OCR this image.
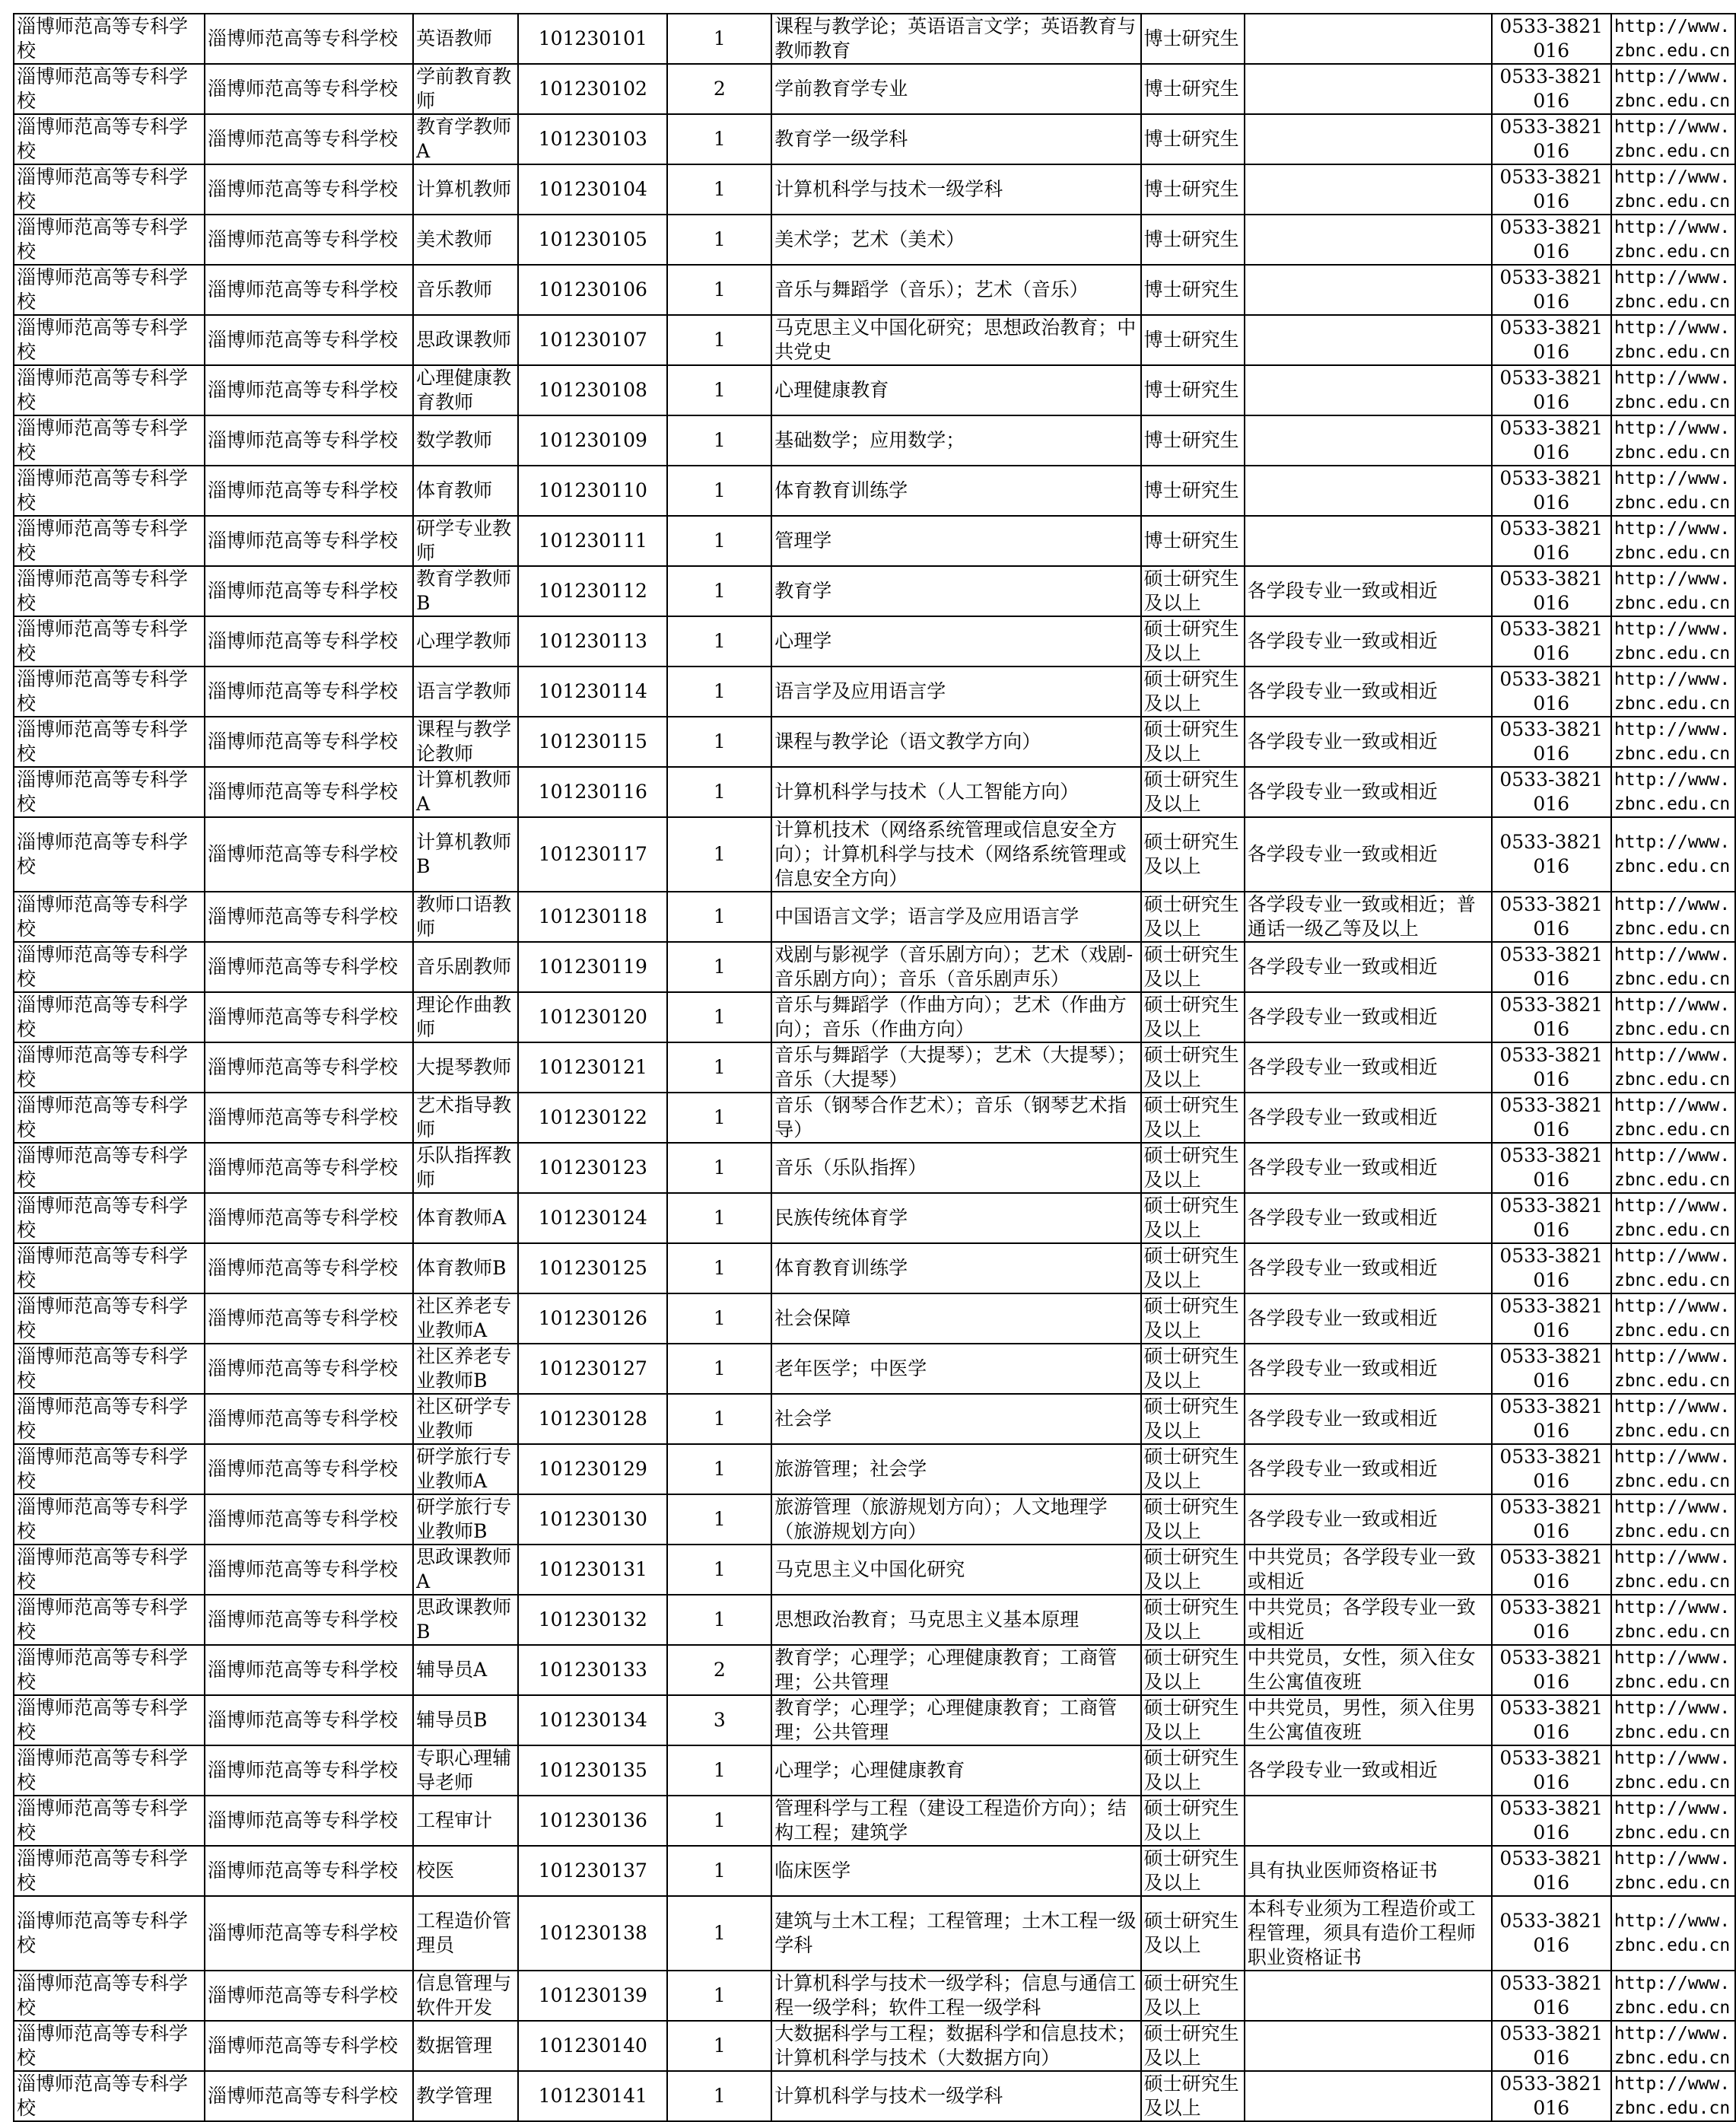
淄博师范高等专科学校	淄博师范高等专科学校	英语教师	101230101	1	课程与教学论；英语语言文学；英语教育与教师教育	博士研究生		0533-3821016	http://www.zbnc.edu.cn
淄博师范高等专科学校	淄博师范高等专科学校	学前教育教师	101230102	2	学前教育学专业	博士研究生		0533-3821016	http://www.zbnc.edu.cn
淄博师范高等专科学校	淄博师范高等专科学校	教育学教师A	101230103	1	教育学一级学科	博士研究生		0533-3821016	http://www.zbnc.edu.cn
淄博师范高等专科学校	淄博师范高等专科学校	计算机教师	101230104	1	计算机科学与技术一级学科	博士研究生		0533-3821016	http://www.zbnc.edu.cn
淄博师范高等专科学校	淄博师范高等专科学校	美术教师	101230105	1	美术学；艺术（美术）	博士研究生		0533-3821016	http://www.zbnc.edu.cn
淄博师范高等专科学校	淄博师范高等专科学校	音乐教师	101230106	1	音乐与舞蹈学（音乐）；艺术（音乐）	博士研究生		0533-3821016	http://www.zbnc.edu.cn
淄博师范高等专科学校	淄博师范高等专科学校	思政课教师	101230107	1	马克思主义中国化研究；思想政治教育；中共党史	博士研究生		0533-3821016	http://www.zbnc.edu.cn
淄博师范高等专科学校	淄博师范高等专科学校	心理健康教育教师	101230108	1	心理健康教育	博士研究生		0533-3821016	http://www.zbnc.edu.cn
淄博师范高等专科学校	淄博师范高等专科学校	数学教师	101230109	1	基础数学；应用数学；	博士研究生		0533-3821016	http://www.zbnc.edu.cn
淄博师范高等专科学校	淄博师范高等专科学校	体育教师	101230110	1	体育教育训练学	博士研究生		0533-3821016	http://www.zbnc.edu.cn
淄博师范高等专科学校	淄博师范高等专科学校	研学专业教师	101230111	1	管理学	博士研究生		0533-3821016	http://www.zbnc.edu.cn
淄博师范高等专科学校	淄博师范高等专科学校	教育学教师B	101230112	1	教育学	硕士研究生及以上	各学段专业一致或相近	0533-3821016	http://www.zbnc.edu.cn
淄博师范高等专科学校	淄博师范高等专科学校	心理学教师	101230113	1	心理学	硕士研究生及以上	各学段专业一致或相近	0533-3821016	http://www.zbnc.edu.cn
淄博师范高等专科学校	淄博师范高等专科学校	语言学教师	101230114	1	语言学及应用语言学	硕士研究生及以上	各学段专业一致或相近	0533-3821016	http://www.zbnc.edu.cn
淄博师范高等专科学校	淄博师范高等专科学校	课程与教学论教师	101230115	1	课程与教学论（语文教学方向）	硕士研究生及以上	各学段专业一致或相近	0533-3821016	http://www.zbnc.edu.cn
淄博师范高等专科学校	淄博师范高等专科学校	计算机教师A	101230116	1	计算机科学与技术（人工智能方向）	硕士研究生及以上	各学段专业一致或相近	0533-3821016	http://www.zbnc.edu.cn
淄博师范高等专科学校	淄博师范高等专科学校	计算机教师B	101230117	1	计算机技术（网络系统管理或信息安全方向）；计算机科学与技术（网络系统管理或信息安全方向）	硕士研究生及以上	各学段专业一致或相近	0533-3821016	http://www.zbnc.edu.cn
淄博师范高等专科学校	淄博师范高等专科学校	教师口语教师	101230118	1	中国语言文学；语言学及应用语言学	硕士研究生及以上	各学段专业一致或相近；普通话一级乙等及以上	0533-3821016	http://www.zbnc.edu.cn
淄博师范高等专科学校	淄博师范高等专科学校	音乐剧教师	101230119	1	戏剧与影视学（音乐剧方向）；艺术（戏剧-音乐剧方向）；音乐（音乐剧声乐）	硕士研究生及以上	各学段专业一致或相近	0533-3821016	http://www.zbnc.edu.cn
淄博师范高等专科学校	淄博师范高等专科学校	理论作曲教师	101230120	1	音乐与舞蹈学（作曲方向）；艺术（作曲方向）；音乐（作曲方向）	硕士研究生及以上	各学段专业一致或相近	0533-3821016	http://www.zbnc.edu.cn
淄博师范高等专科学校	淄博师范高等专科学校	大提琴教师	101230121	1	音乐与舞蹈学（大提琴）；艺术（大提琴）；音乐（大提琴）	硕士研究生及以上	各学段专业一致或相近	0533-3821016	http://www.zbnc.edu.cn
淄博师范高等专科学校	淄博师范高等专科学校	艺术指导教师	101230122	1	音乐（钢琴合作艺术）；音乐（钢琴艺术指导）	硕士研究生及以上	各学段专业一致或相近	0533-3821016	http://www.zbnc.edu.cn
淄博师范高等专科学校	淄博师范高等专科学校	乐队指挥教师	101230123	1	音乐（乐队指挥）	硕士研究生及以上	各学段专业一致或相近	0533-3821016	http://www.zbnc.edu.cn
淄博师范高等专科学校	淄博师范高等专科学校	体育教师A	101230124	1	民族传统体育学	硕士研究生及以上	各学段专业一致或相近	0533-3821016	http://www.zbnc.edu.cn
淄博师范高等专科学校	淄博师范高等专科学校	体育教师B	101230125	1	体育教育训练学	硕士研究生及以上	各学段专业一致或相近	0533-3821016	http://www.zbnc.edu.cn
淄博师范高等专科学校	淄博师范高等专科学校	社区养老专业教师A	101230126	1	社会保障	硕士研究生及以上	各学段专业一致或相近	0533-3821016	http://www.zbnc.edu.cn
淄博师范高等专科学校	淄博师范高等专科学校	社区养老专业教师B	101230127	1	老年医学；中医学	硕士研究生及以上	各学段专业一致或相近	0533-3821016	http://www.zbnc.edu.cn
淄博师范高等专科学校	淄博师范高等专科学校	社区研学专业教师	101230128	1	社会学	硕士研究生及以上	各学段专业一致或相近	0533-3821016	http://www.zbnc.edu.cn
淄博师范高等专科学校	淄博师范高等专科学校	研学旅行专业教师A	101230129	1	旅游管理；社会学	硕士研究生及以上	各学段专业一致或相近	0533-3821016	http://www.zbnc.edu.cn
淄博师范高等专科学校	淄博师范高等专科学校	研学旅行专业教师B	101230130	1	旅游管理（旅游规划方向）；人文地理学（旅游规划方向）	硕士研究生及以上	各学段专业一致或相近	0533-3821016	http://www.zbnc.edu.cn
淄博师范高等专科学校	淄博师范高等专科学校	思政课教师A	101230131	1	马克思主义中国化研究	硕士研究生及以上	中共党员；各学段专业一致或相近	0533-3821016	http://www.zbnc.edu.cn
淄博师范高等专科学校	淄博师范高等专科学校	思政课教师B	101230132	1	思想政治教育；马克思主义基本原理	硕士研究生及以上	中共党员；各学段专业一致或相近	0533-3821016	http://www.zbnc.edu.cn
淄博师范高等专科学校	淄博师范高等专科学校	辅导员A	101230133	2	教育学；心理学；心理健康教育；工商管理；公共管理	硕士研究生及以上	中共党员，女性，须入住女生公寓值夜班	0533-3821016	http://www.zbnc.edu.cn
淄博师范高等专科学校	淄博师范高等专科学校	辅导员B	101230134	3	教育学；心理学；心理健康教育；工商管理；公共管理	硕士研究生及以上	中共党员，男性，须入住男生公寓值夜班	0533-3821016	http://www.zbnc.edu.cn
淄博师范高等专科学校	淄博师范高等专科学校	专职心理辅导老师	101230135	1	心理学；心理健康教育	硕士研究生及以上	各学段专业一致或相近	0533-3821016	http://www.zbnc.edu.cn
淄博师范高等专科学校	淄博师范高等专科学校	工程审计	101230136	1	管理科学与工程（建设工程造价方向）；结构工程；建筑学	硕士研究生及以上		0533-3821016	http://www.zbnc.edu.cn
淄博师范高等专科学校	淄博师范高等专科学校	校医	101230137	1	临床医学	硕士研究生及以上	具有执业医师资格证书	0533-3821016	http://www.zbnc.edu.cn
淄博师范高等专科学校	淄博师范高等专科学校	工程造价管理员	101230138	1	建筑与土木工程；工程管理；土木工程一级学科	硕士研究生及以上	本科专业须为工程造价或工程管理，须具有造价工程师职业资格证书	0533-3821016	http://www.zbnc.edu.cn
淄博师范高等专科学校	淄博师范高等专科学校	信息管理与软件开发	101230139	1	计算机科学与技术一级学科；信息与通信工程一级学科；软件工程一级学科	硕士研究生及以上		0533-3821016	http://www.zbnc.edu.cn
淄博师范高等专科学校	淄博师范高等专科学校	数据管理	101230140	1	大数据科学与工程；数据科学和信息技术；计算机科学与技术（大数据方向）	硕士研究生及以上		0533-3821016	http://www.zbnc.edu.cn
淄博师范高等专科学校	淄博师范高等专科学校	教学管理	101230141	1	计算机科学与技术一级学科	硕士研究生及以上		0533-3821016	http://www.zbnc.edu.cn
